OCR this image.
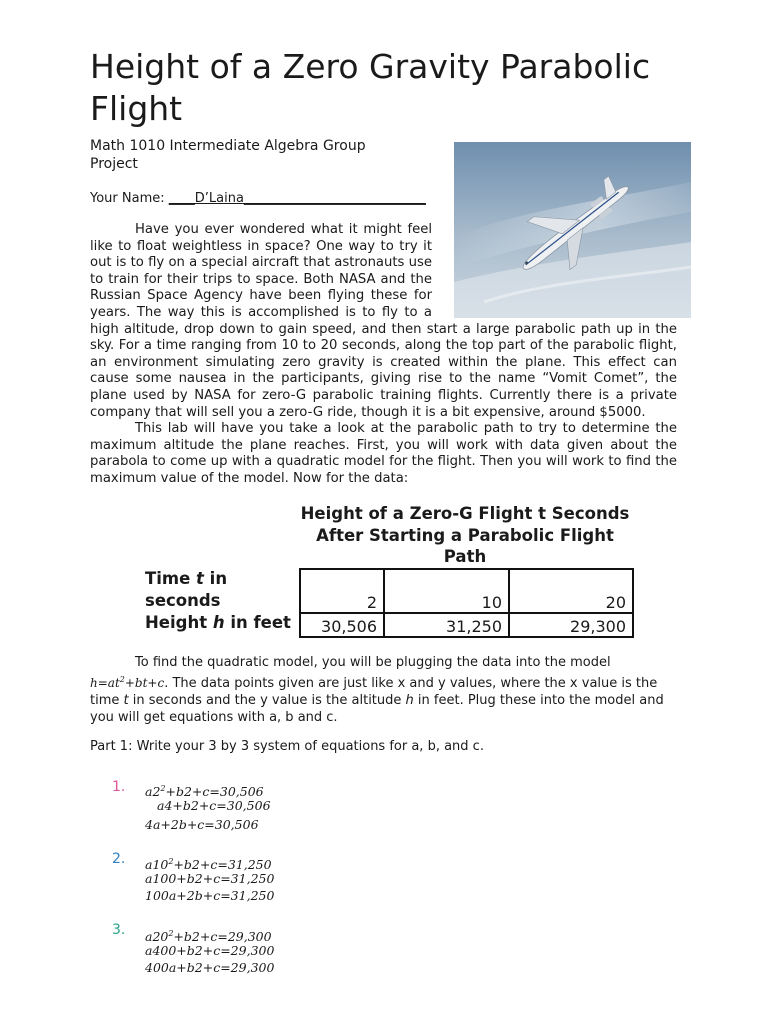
Height of a Zero Gravity Parabolic Flight
Math 1010 Intermediate Algebra Group Project
Your Name: ____D’Laina____________________________

Have you ever wondered what it might feel like to float weightless in space? One way to try it out is to fly on a special aircraft that astronauts use to train for their trips to space. Both NASA and the Russian Space Agency have been flying these for years. The way this is accomplished is to fly to a high altitude, drop down to gain speed, and then start a large parabolic path up in the sky. For a time ranging from 10 to 20 seconds, along the top part of the parabolic flight, an environment simulating zero gravity is created within the plane. This effect can cause some nausea in the participants, giving rise to the name “Vomit Comet”, the plane used by NASA for zero-G parabolic training flights. Currently there is a private company that will sell you a zero-G ride, though it is a bit expensive, around $5000.

This lab will have you take a look at the parabolic path to try to determine the maximum altitude the plane reaches. First, you will work with data given about the parabola to come up with a quadratic model for the flight. Then you will work to find the maximum value of the model. Now for the data:

Height of a Zero-G Flight t Seconds After Starting a Parabolic Flight Path
Time t in
seconds
Height h in feet
2	10	20
30,506	31,250	29,300

To find the quadratic model, you will be plugging the data into the model

$h=at^2+bt+c$. The data points given are just like x and y values, where the x value is the time t in seconds and the y value is the altitude h in feet. Plug these into the model and you will get equations with a, b and c.

Part 1: Write your 3 by 3 system of equations for a, b, and c.
1. $a2^2+b2+c=30,506$
a4+b2+c=30,506
4a+2b+c=30,506
2. $a10^2+b2+c=31,250$
a100+b2+c=31,250
100a+2b+c=31,250
3. $a20^2+b2+c=29,300$
a400+b2+c=29,300
400a+b2+c=29,300
